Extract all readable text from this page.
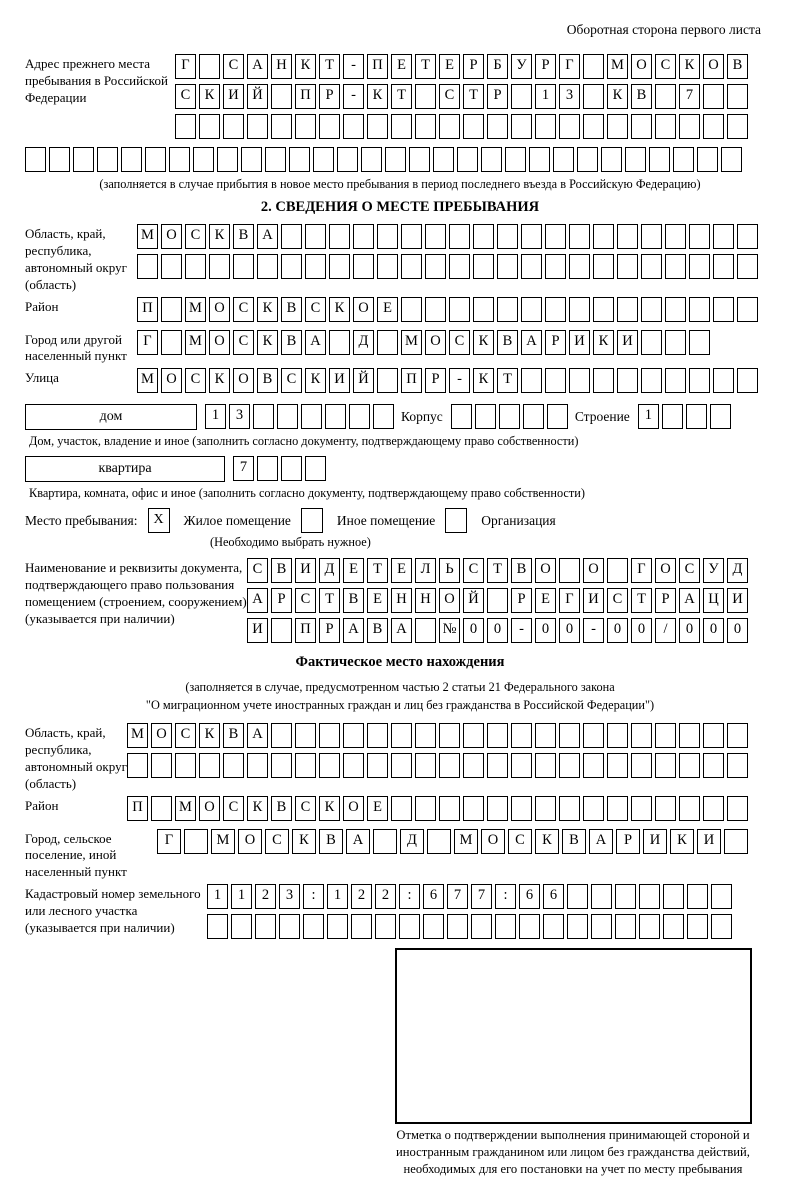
Оборотная сторона первого листа
Адрес прежнего места пребывания в Российской Федерации
Г	С А Н К Т - П Е Т Е Р Б У Р Г	М О С К О В
С К И Й	П Р - К Т	С Т Р	1 3	К В	7
(заполняется в случае прибытия в новое место пребывания в период последнего въезда в Российскую Федерацию)
2. СВЕДЕНИЯ О МЕСТЕ ПРЕБЫВАНИЯ
Область, край, республика, автономный округ (область)
М О С К В А
Район	П	М О С К В С К О Е
Город или другой населенный пункт
Г	М О С К В А	Д	М О С К В А Р И К И
Улица	М О С К О В С К И Й	П Р - К Т
дом	1 3	Корпус	Строение 1
Дом, участок, владение и иное (заполнить согласно документу, подтверждающему право собственности)
квартира	7
Квартира, комната, офис и иное (заполнить согласно документу, подтверждающему право собственности)
Место пребывания:	X	Жилое помещение	Иное помещение	Организация
(Необходимо выбрать нужное)
Наименование и реквизиты документа, подтверждающего право пользования помещением (строением, сооружением) (указывается при наличии)
С В И Д Е Т Е Л Ь С Т В О	О	Г О С У Д
А Р С Т В Е Н Н О Й	Р Е Г И С Т Р А Ц И
И	П Р А В А № 0 0 - 0 0 - 0 0 / 0 0 0
Фактическое место нахождения
(заполняется в случае, предусмотренном частью 2 статьи 21 Федерального закона
"О миграционном учете иностранных граждан и лиц без гражданства в Российской Федерации")
Область, край, республика, автономный округ (область)
М О С К В А
Район	П	М О С К В С К О Е
Город, сельское поселение, иной населенный пункт
Г	М О С К В А	Д	М О С К В А Р И К И
Кадастровый номер земельного или лесного участка (указывается при наличии)
1 1 2 3 : 1 2 2 : 6 7 7 : 6 6
Отметка о подтверждении выполнения принимающей стороной и иностранным гражданином или лицом без гражданства действий, необходимых для его постановки на учет по месту пребывания
